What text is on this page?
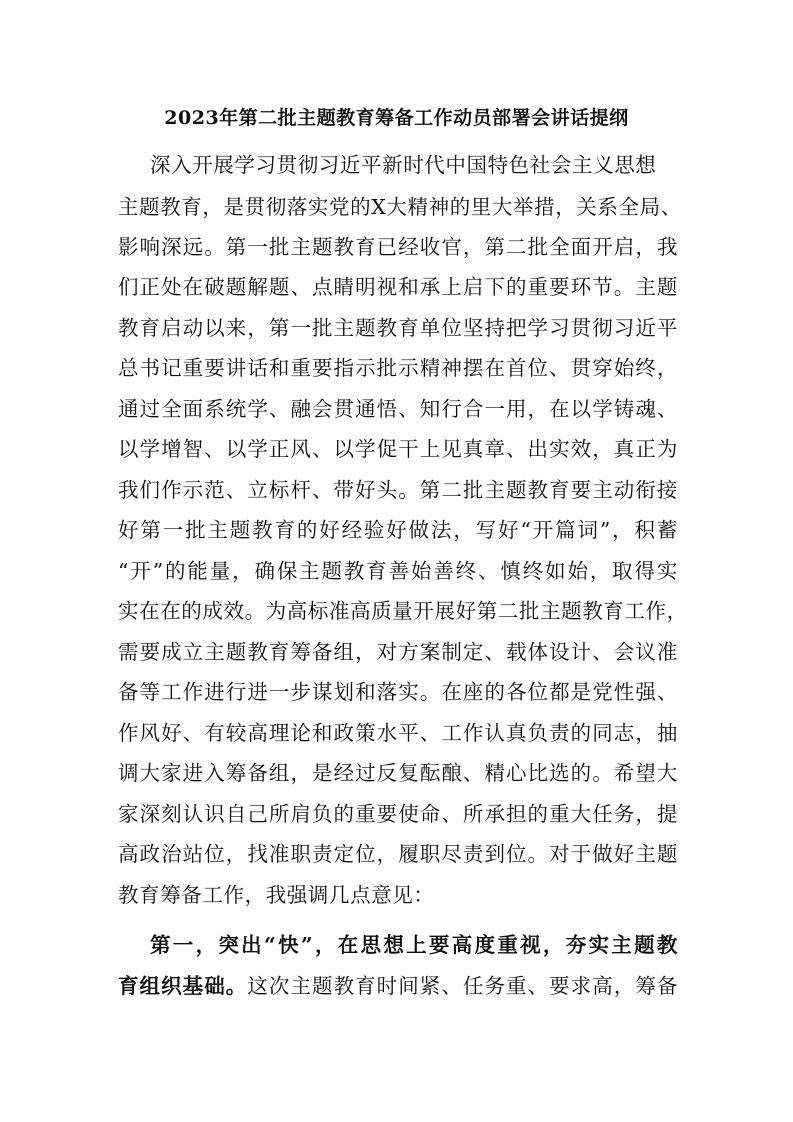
2023年第二批主题教育筹备工作动员部署会讲话提纲
深入开展学习贯彻习近平新时代中国特色社会主义思想
主题教育，是贯彻落实党的X大精神的里大举措，关系全局、
影响深远。第一批主题教育已经收官，第二批全面开启，我
们正处在破题解题、点睛明视和承上启下的重要环节。主题
教育启动以来，第一批主题教育单位坚持把学习贯彻习近平
总书记重要讲话和重要指示批示精神摆在首位、贯穿始终，
通过全面系统学、融会贯通悟、知行合一用，在以学铸魂、
以学增智、以学正风、以学促干上见真章、出实效，真正为
我们作示范、立标杆、带好头。第二批主题教育要主动衔接
好第一批主题教育的好经验好做法，写好“开篇词”，积蓄
“开”的能量，确保主题教育善始善终、慎终如始，取得实
实在在的成效。为高标准高质量开展好第二批主题教育工作，
需要成立主题教育筹备组，对方案制定、载体设计、会议准
备等工作进行进一步谋划和落实。在座的各位都是党性强、
作风好、有较高理论和政策水平、工作认真负责的同志，抽
调大家进入筹备组，是经过反复酝酿、精心比选的。希望大
家深刻认识自己所肩负的重要使命、所承担的重大任务，提
高政治站位，找准职责定位，履职尽责到位。对于做好主题
教育筹备工作，我强调几点意见：
第一，突出“快”，在思想上要高度重视，夯实主题教
育组织基础。这次主题教育时间紧、任务重、要求高，筹备
